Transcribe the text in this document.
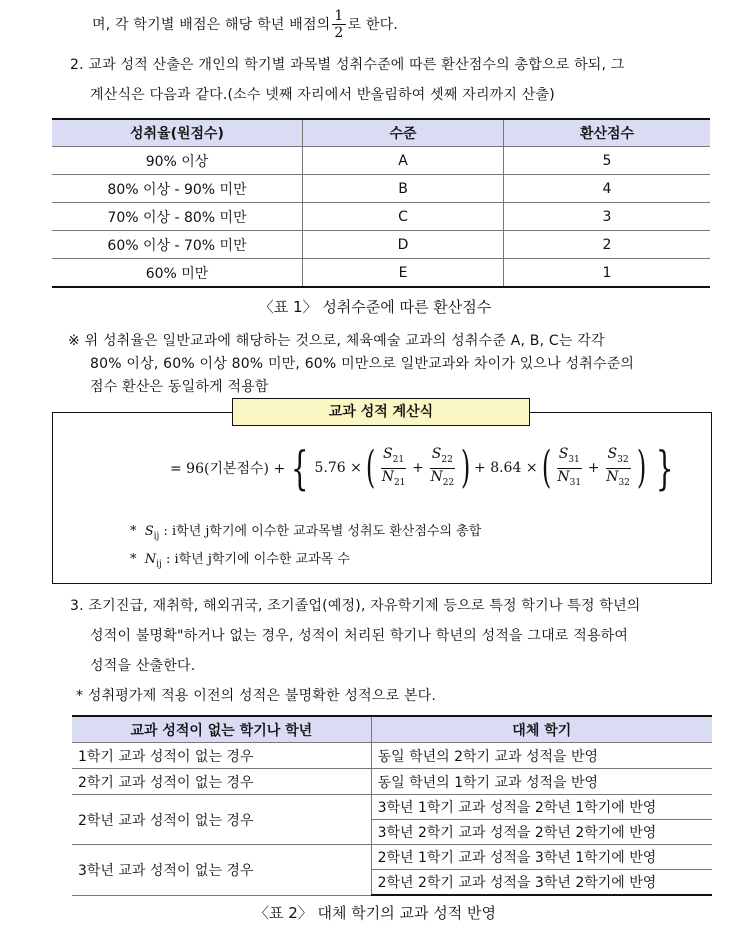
며, 각 학기별 배점은 해당 학년 배점의 $\frac{1}{2}$ 로 한다.
2. 교과 성적 산출은 개인의 학기별 과목별 성취수준에 따른 환산점수의 총합으로 하되, 그
계산식은 다음과 같다.(소수 넷째 자리에서 반올림하여 셋째 자리까지 산출)
성취율(원점수)	수준	환산점수
90% 이상	A	5
80% 이상 - 90% 미만	B	4
70% 이상 - 80% 미만	C	3
60% 이상 - 70% 미만	D	2
60% 미만	E	1
〈표 1〉 성취수준에 따른 환산점수
※ 위 성취율은 일반교과에 해당하는 것으로, 체육예술 교과의 성취수준 A, B, C는 각각
80% 이상, 60% 이상 80% 미만, 60% 미만으로 일반교과와 차이가 있으나 성취수준의
점수 환산은 동일하게 적용함
교과 성적 계산식
= 96(기본점수) + { 5.76 × ( $\frac{S_{21}}{N_{21}} + \frac{S_{22}}{N_{22}}$ ) + 8.64 × ( $\frac{S_{31}}{N_{31}} + \frac{S_{32}}{N_{32}}$ ) }
*  $S_{ij}$ : i학년 j학기에 이수한 교과목별 성취도 환산점수의 총합
*  $N_{ij}$ : i학년 j학기에 이수한 교과목 수
3. 조기진급, 재취학, 해외귀국, 조기졸업(예정), 자유학기제 등으로 특정 학기나 특정 학년의
성적이 불명확"하거나 없는 경우, 성적이 처리된 학기나 학년의 성적을 그대로 적용하여
성적을 산출한다.
* 성취평가제 적용 이전의 성적은 불명확한 성적으로 본다.
교과 성적이 없는 학기나 학년	대체 학기
1학기 교과 성적이 없는 경우	동일 학년의 2학기 교과 성적을 반영
2학기 교과 성적이 없는 경우	동일 학년의 1학기 교과 성적을 반영
2학년 교과 성적이 없는 경우	3학년 1학기 교과 성적을 2학년 1학기에 반영
	3학년 2학기 교과 성적을 2학년 2학기에 반영
3학년 교과 성적이 없는 경우	2학년 1학기 교과 성적을 3학년 1학기에 반영
	2학년 2학기 교과 성적을 3학년 2학기에 반영
〈표 2〉 대체 학기의 교과 성적 반영
